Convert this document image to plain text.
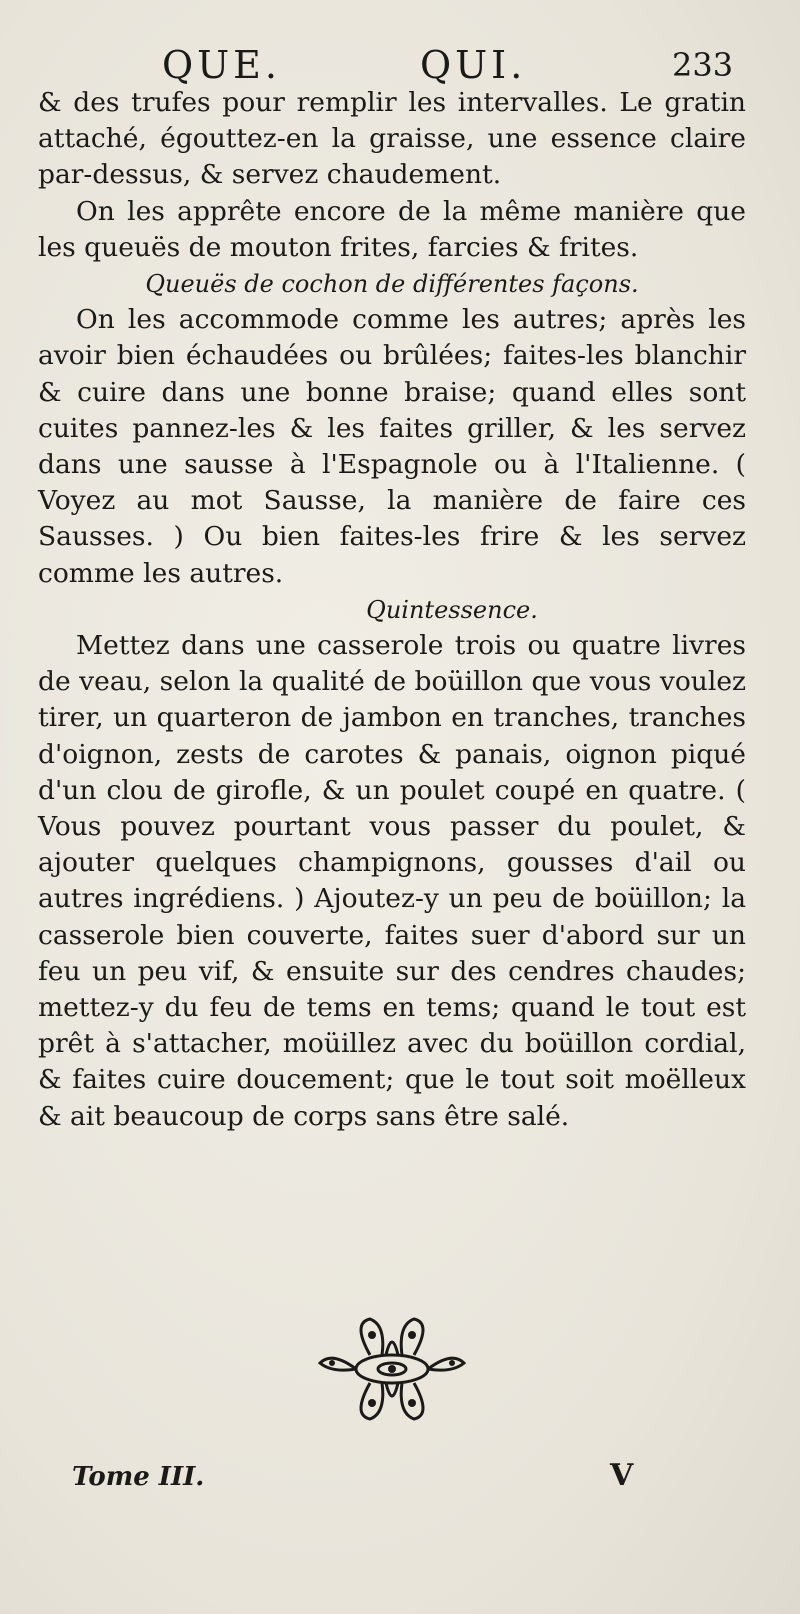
QUE.	QUI.	233

& des trufes pour remplir les intervalles. Le gratin attaché, égouttez-en la graisse, une essence claire par-dessus, & servez chaudement.

On les apprête encore de la même manière que les queuës de mouton frites, farcies & frites.

Queuës de cochon de différentes façons.

On les accommode comme les autres; après les avoir bien échaudées ou brûlées; faites-les blanchir & cuire dans une bonne braise; quand elles sont cuites pannez-les & les faites griller, & les servez dans une sausse à l'Espagnole ou à l'Italienne. ( Voyez au mot Sausse, la manière de faire ces Sausses. ) Ou bien faites-les frire & les servez comme les autres.

Quintessence.

Mettez dans une casserole trois ou quatre livres de veau, selon la qualité de boüillon que vous voulez tirer, un quarteron de jambon en tranches, tranches d'oignon, zests de carotes & panais, oignon piqué d'un clou de girofle, & un poulet coupé en quatre. ( Vous pouvez pourtant vous passer du poulet, & ajouter quelques champignons, gousses d'ail ou autres ingrédiens. ) Ajoutez-y un peu de boüillon; la casserole bien couverte, faites suer d'abord sur un feu un peu vif, & ensuite sur des cendres chaudes; mettez-y du feu de tems en tems; quand le tout est prêt à s'attacher, moüillez avec du boüillon cordial, & faites cuire doucement; que le tout soit moëlleux & ait beaucoup de corps sans être salé.

Tome III.	V
